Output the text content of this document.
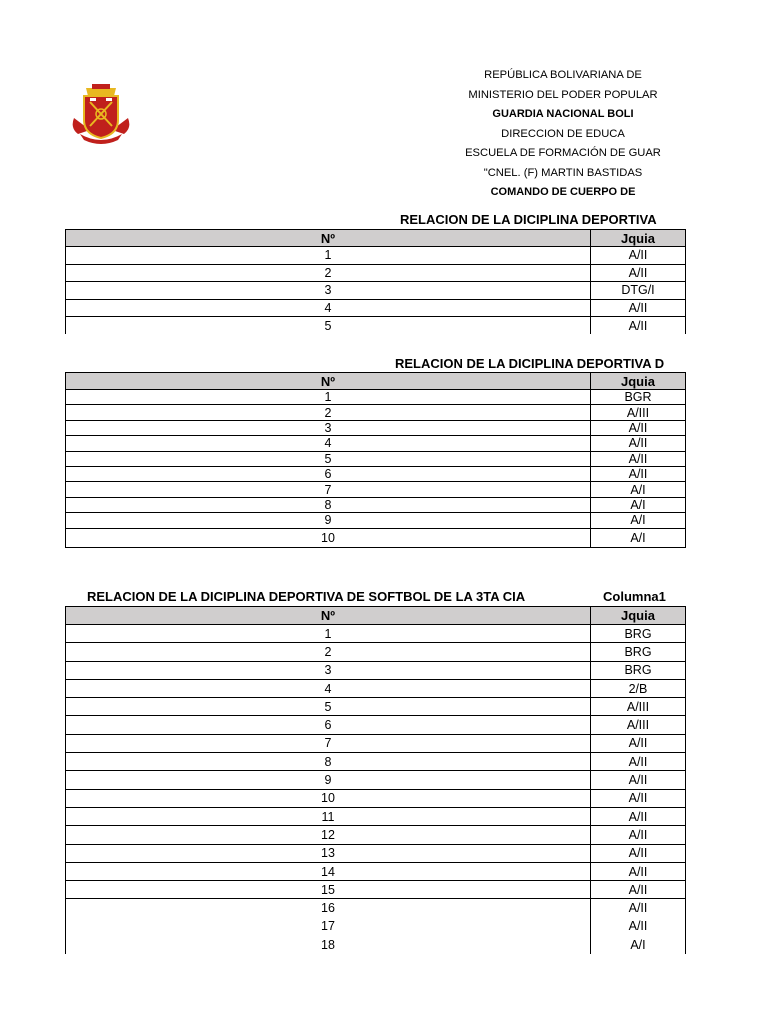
REPÚBLICA BOLIVARIANA DE
MINISTERIO DEL PODER POPULAR
GUARDIA NACIONAL BOLI
DIRECCION DE EDUCA
ESCUELA DE FORMACIÓN DE GUAR
"CNEL. (F) MARTIN BASTIDAS
COMANDO DE CUERPO DE
RELACION DE LA DICIPLINA DEPORTIVA
Nº	Jquia	
1	A/II	
2	A/II	
3	DTG/I	
4	A/II	
5	A/II	
RELACION DE LA DICIPLINA DEPORTIVA D
Nº	Jquia	
1	BGR	
2	A/III	
3	A/II	
4	A/II	
5	A/II	
6	A/II	
7	A/I	
8	A/I	
9	A/I	
10	A/I	
RELACION DE LA DICIPLINA DEPORTIVA DE SOFTBOL DE LA 3TA CIA	Columna1
Nº	Jquia	
1	BRG	
2	BRG	
3	BRG	
4	2/B	
5	A/III	
6	A/III	
7	A/II	
8	A/II	
9	A/II	
10	A/II	
11	A/II	
12	A/II	
13	A/II	
14	A/II	
15	A/II	
16	A/II	
17	A/II	
18	A/I	
